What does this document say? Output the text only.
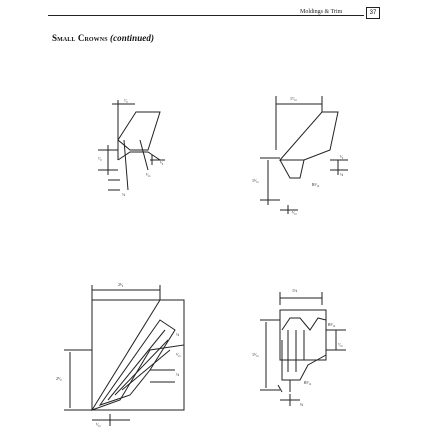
Moldings & Trim	37
Small Crowns (continued)
⁷⁄₈
¹⁄₈
⁷⁄₈
⅛
³⁄₁₆
1⁷⁄₁₆
¹⁄₈
1⁵⁄₁₆
⅛
R¹⁄₁₆
⁵⁄₁₆
2³⁄₈
⅛
⁵⁄₁₆
2⁵⁄₈
⅛
⁵⁄₁₆
1⅛
1⁵⁄₁₆
R³⁄₁₆
⁷⁄₁₆
⅜
R³⁄₁₆
